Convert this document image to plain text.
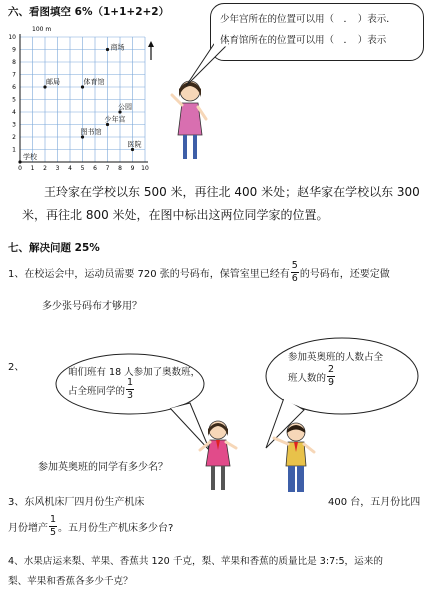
六、看图填空 6%（1+1+2+2）
100 m
10
9
8
7
6
5
4
3
2
1
0 1 2 3 4 5 6 7 8 9 10
学校
邮局	体育馆
商场
公园
少年宫
图书馆
医院
少年宫所在的位置可以用（　．　）表示．
体育馆所在的位置可以用（　．　）表示
王玲家在学校以东 500 米，再往北 400 米处；赵华家在学校以东 300
米，再往北 800 米处，在图中标出这两位同学家的位置。
七、解决问题 25%
1、在校运会中，运动员需要 720 张的号码布，保管室里已经有 $\frac{5}{6}$ 的号码布，还要定做
多少张号码布才够用？
2、	咱们班有 18 人参加了奥数班，
占全班同学的 $\frac{1}{3}$
参加英奥班的人数占全
班人数的 $\frac{2}{9}$
参加英奥班的同学有多少名？
3、东风机床厂四月份生产机床	400 台，五月份比四
月份增产 $\frac{1}{5}$ 。五月份生产机床多少台?
4、水果店运来梨、苹果、香蕉共 120 千克，梨、苹果和香蕉的质量比是 3:7:5，运来的
梨、苹果和香蕉各多少千克？
